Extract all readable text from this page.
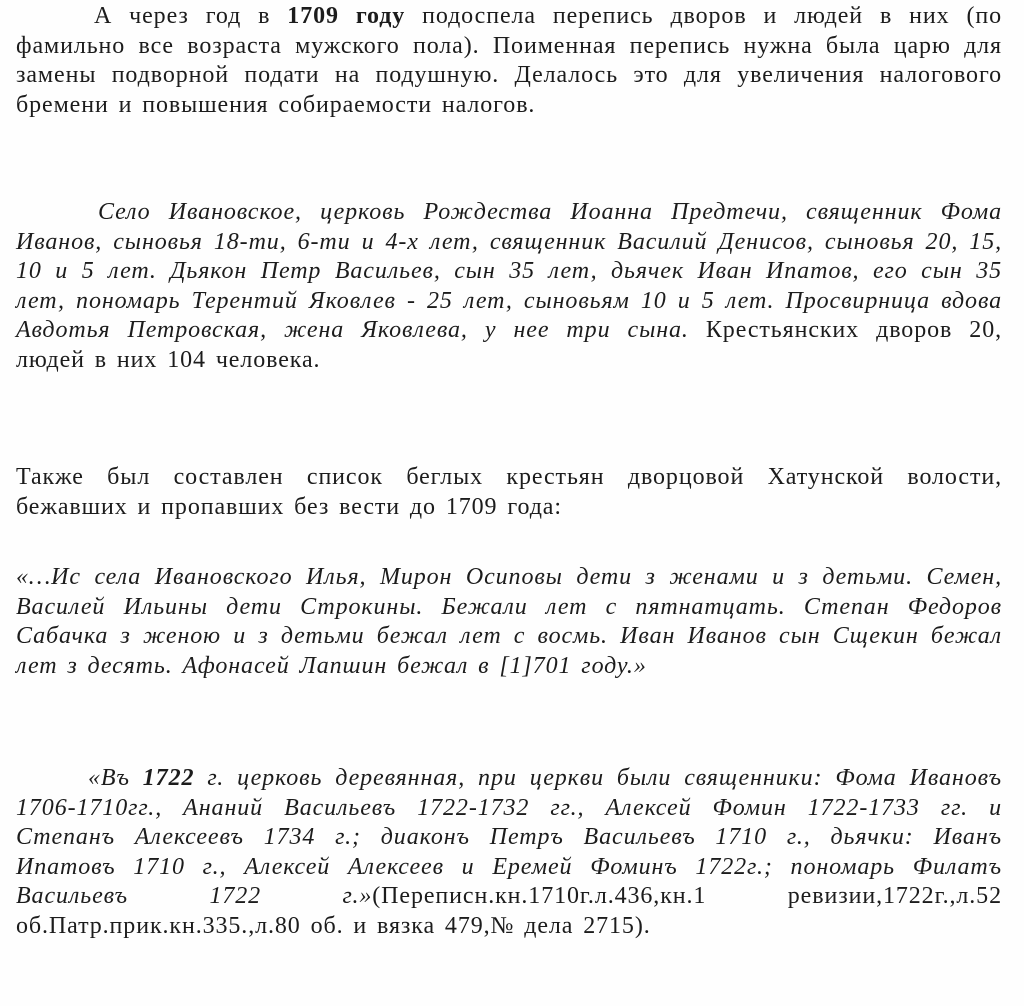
А через год в 1709 году подоспела перепись дворов и людей в них (по фамильно все возраста мужского пола). Поименная перепись нужна была царю для замены подворной подати на подушную. Делалось это для увеличения налогового бремени и повышения собираемости налогов.

Село Ивановское, церковь Рождества Иоанна Предтечи, священник Фома Иванов, сыновья 18-ти, 6-ти и 4-х лет, священник Василий Денисов, сыновья 20, 15, 10 и 5 лет. Дьякон Петр Васильев, сын 35 лет, дьячек Иван Ипатов, его сын 35 лет, пономарь Терентий Яковлев - 25 лет, сыновьям 10 и 5 лет. Просвирница вдова Авдотья Петровская, жена Яковлева, у нее три сына. Крестьянских дворов 20, людей в них 104 человека.

Также был составлен список беглых крестьян дворцовой Хатунской волости, бежавших и пропавших без вести до 1709 года:

«…Ис села Ивановского Илья, Мирон Осиповы дети з женами и з детьми. Семен, Василей Ильины дети Строкины. Бежали лет с пятнатцать. Степан Федоров Сабачка з женою и з детьми бежал лет с восмь. Иван Иванов сын Сщекин бежал лет з десять. Афонасей Лапшин бежал в [1]701 году.»

«Въ 1722 г. церковь деревянная, при церкви были священники: Фома Ивановъ 1706-1710гг., Ананий Васильевъ 1722-1732 гг., Алексей Фомин 1722-1733 гг. и Степанъ Алексеевъ 1734 г.; диаконъ Петръ Васильевъ 1710 г., дьячки: Иванъ Ипатовъ 1710 г., Алексей Алексеев и Еремей Фоминъ 1722г.; пономарь Филатъ Васильевъ 1722 г.»(Переписн.кн.1710г.л.436,кн.1 ревизии,1722г.,л.52 об.Патр.прик.кн.335.,л.80 об. и вязка 479,№ дела 2715).
